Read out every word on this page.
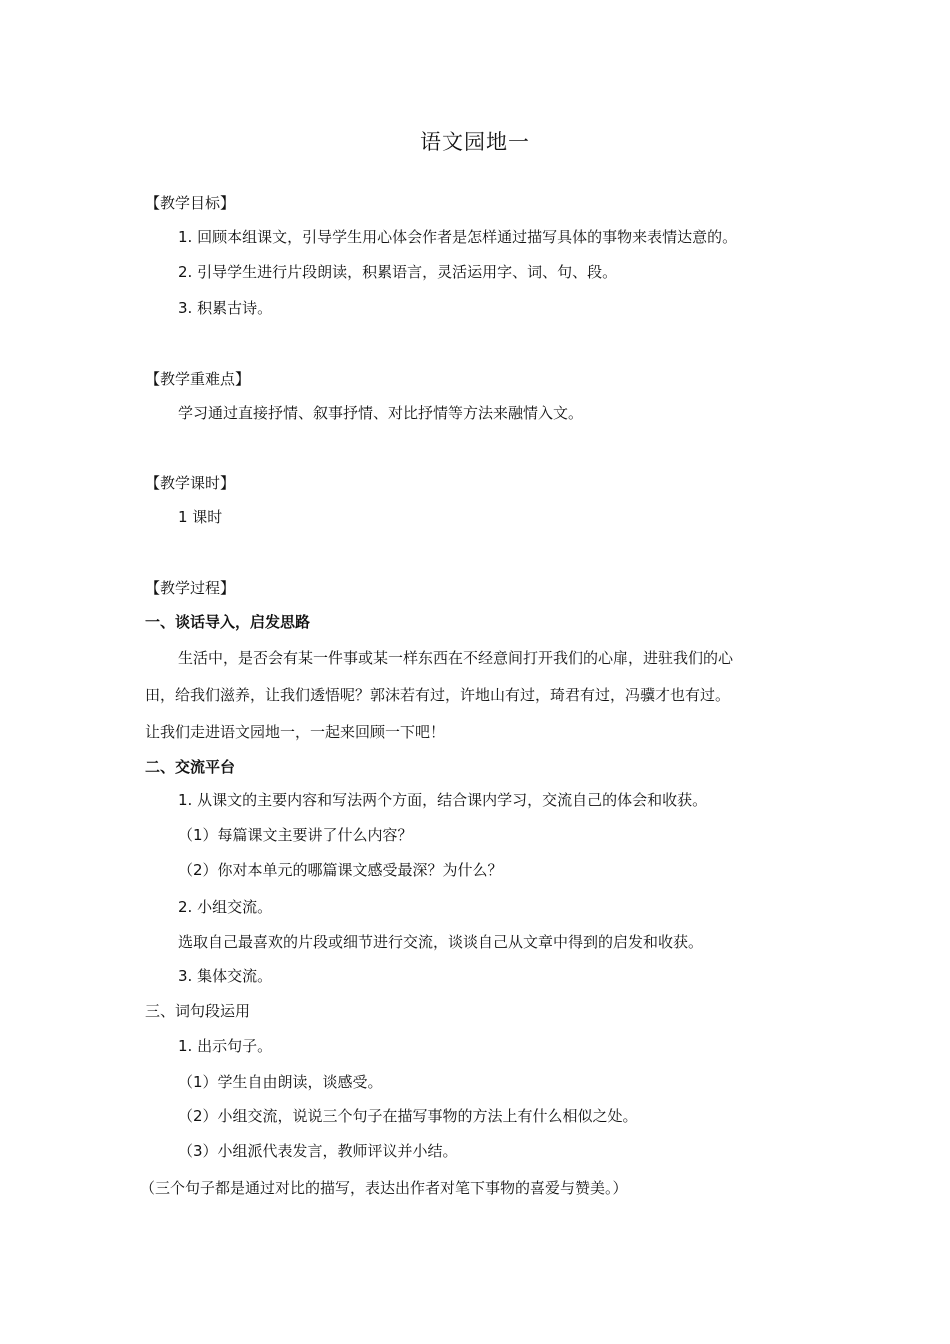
语文园地一
【教学目标】
1. 回顾本组课文，引导学生用心体会作者是怎样通过描写具体的事物来表情达意的。
2. 引导学生进行片段朗读，积累语言，灵活运用字、词、句、段。
3. 积累古诗。
【教学重难点】
学习通过直接抒情、叙事抒情、对比抒情等方法来融情入文。
【教学课时】
1 课时
【教学过程】
一、谈话导入，启发思路
生活中，是否会有某一件事或某一样东西在不经意间打开我们的心扉，进驻我们的心
田，给我们滋养，让我们透悟呢？郭沫若有过，许地山有过，琦君有过，冯骥才也有过。
让我们走进语文园地一，一起来回顾一下吧！
二、交流平台
1. 从课文的主要内容和写法两个方面，结合课内学习，交流自己的体会和收获。
（1）每篇课文主要讲了什么内容？
（2）你对本单元的哪篇课文感受最深？为什么？
2. 小组交流。
选取自己最喜欢的片段或细节进行交流，谈谈自己从文章中得到的启发和收获。
3. 集体交流。
三、词句段运用
1. 出示句子。
（1）学生自由朗读，谈感受。
（2）小组交流，说说三个句子在描写事物的方法上有什么相似之处。
（3）小组派代表发言，教师评议并小结。
（三个句子都是通过对比的描写，表达出作者对笔下事物的喜爱与赞美。）
